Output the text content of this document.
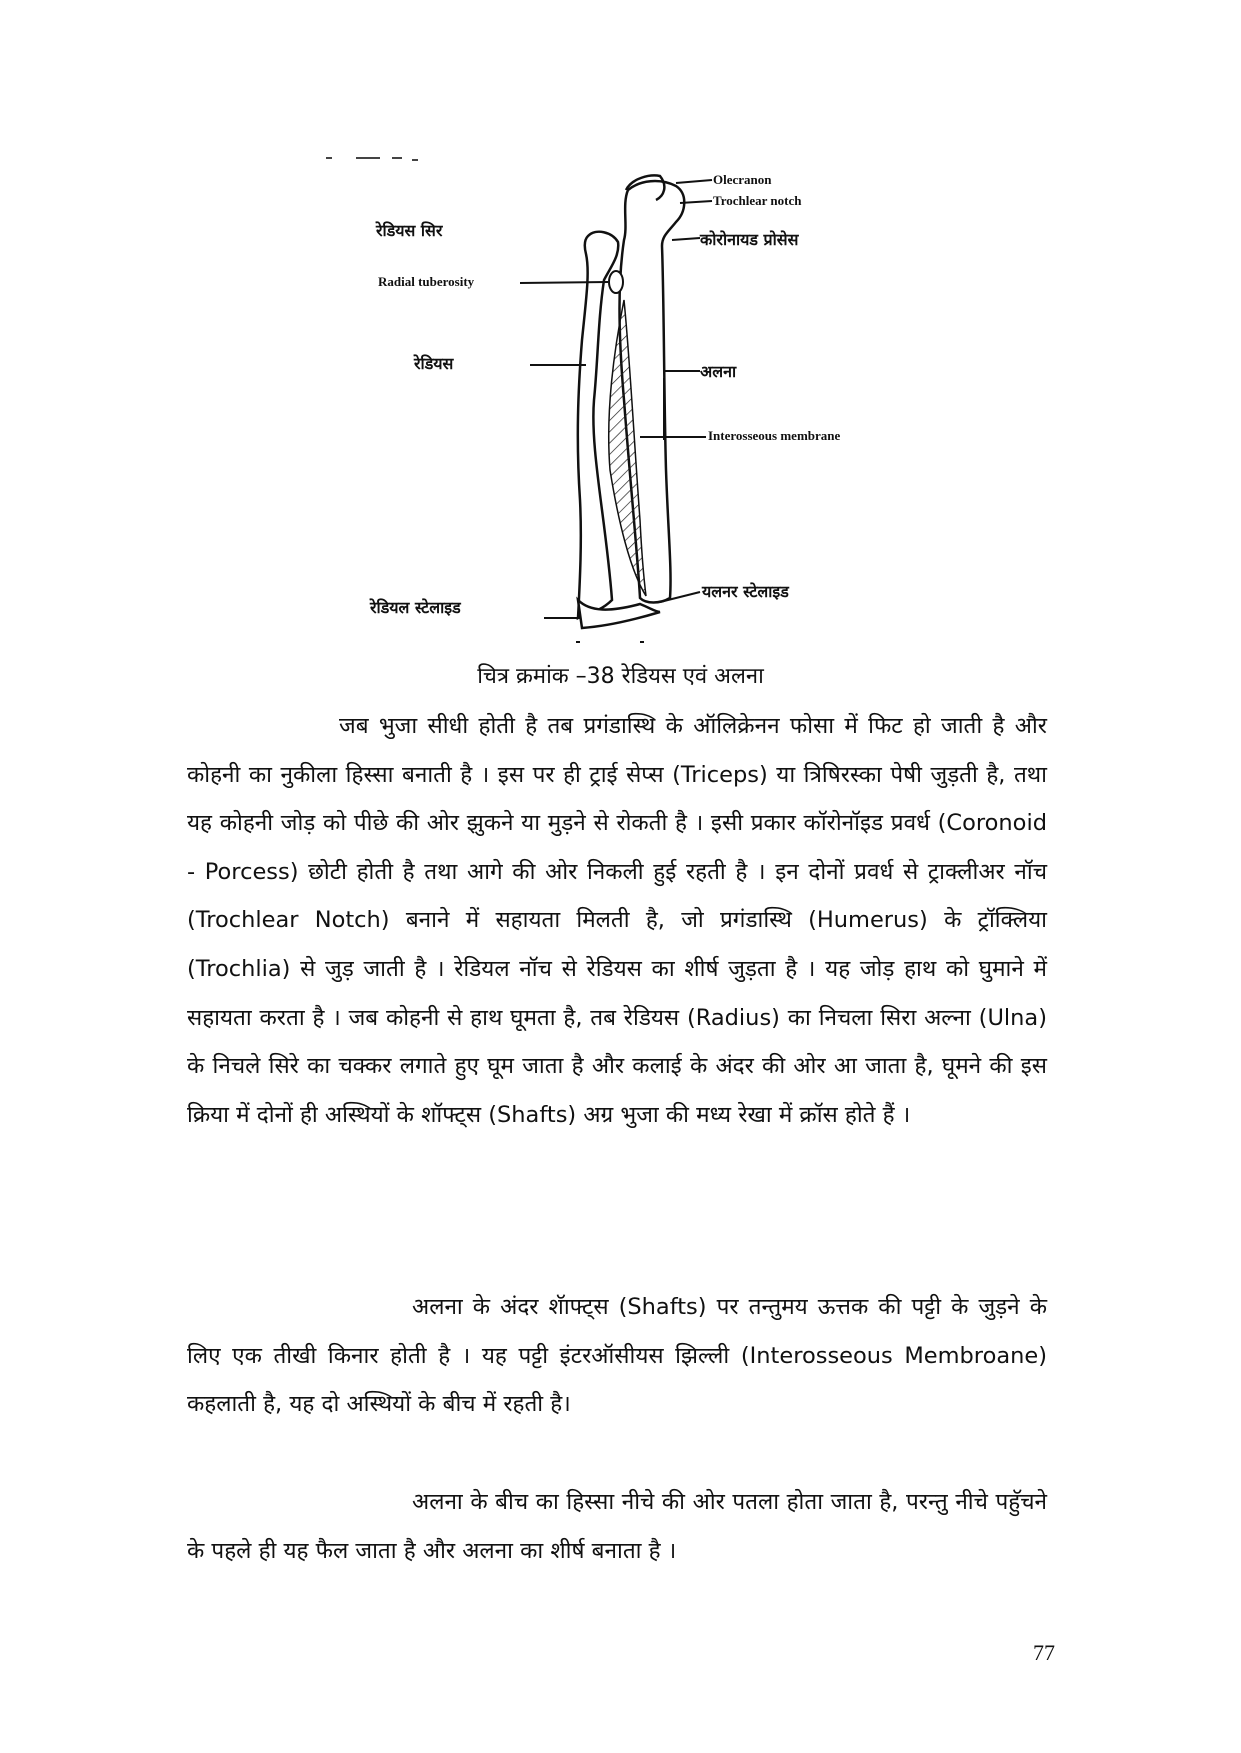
Olecranon
Trochlear notch
रेडियस सिर	कोरोनायड प्रोसेस
Radial tuberosity
रेडियस	अलना
Interosseous membrane
यलनर स्टेलाइड
रेडियल स्टेलाइड
चित्र क्रमांक –38 रेडियस एवं अलना

जब भुजा सीधी होती है तब प्रगंडास्थि के ऑलिक्रेनन फोसा में फिट हो जाती है और कोहनी का नुकीला हिस्सा बनाती है । इस पर ही ट्राई सेप्स (Triceps) या त्रिषिरस्का पेषी जुड़ती है, तथा यह कोहनी जोड़ को पीछे की ओर झुकने या मुड़ने से रोकती है । इसी प्रकार कॉरोनॉइड प्रवर्ध (Coronoid - Porcess) छोटी होती है तथा आगे की ओर निकली हुई रहती है । इन दोनों प्रवर्ध से ट्राक्लीअर नॉच (Trochlear Notch) बनाने में सहायता मिलती है, जो प्रगंडास्थि (Humerus) के ट्रॉक्लिया (Trochlia) से जुड़ जाती है । रेडियल नॉच से रेडियस का शीर्ष जुड़ता है । यह जोड़ हाथ को घुमाने में सहायता करता है । जब कोहनी से हाथ घूमता है, तब रेडियस (Radius) का निचला सिरा अल्ना (Ulna) के निचले सिरे का चक्कर लगाते हुए घूम जाता है और कलाई के अंदर की ओर आ जाता है, घूमने की इस क्रिया में दोनों ही अस्थियों के शॉफ्ट्स (Shafts) अग्र भुजा की मध्य रेखा में क्रॉस होते हैं ।

अलना के अंदर शॅाफ्ट्स (Shafts) पर तन्तुमय ऊत्तक की पट्टी के जुड़ने के लिए एक तीखी किनार होती है । यह पट्टी इंटरऑसीयस झिल्ली (Interosseous Membroane) कहलाती है, यह दो अस्थियों के बीच में रहती है।

अलना के बीच का हिस्सा नीचे की ओर पतला होता जाता है, परन्तु नीचे पहुॅचने के पहले ही यह फैल जाता है और अलना का शीर्ष बनाता है ।

77
